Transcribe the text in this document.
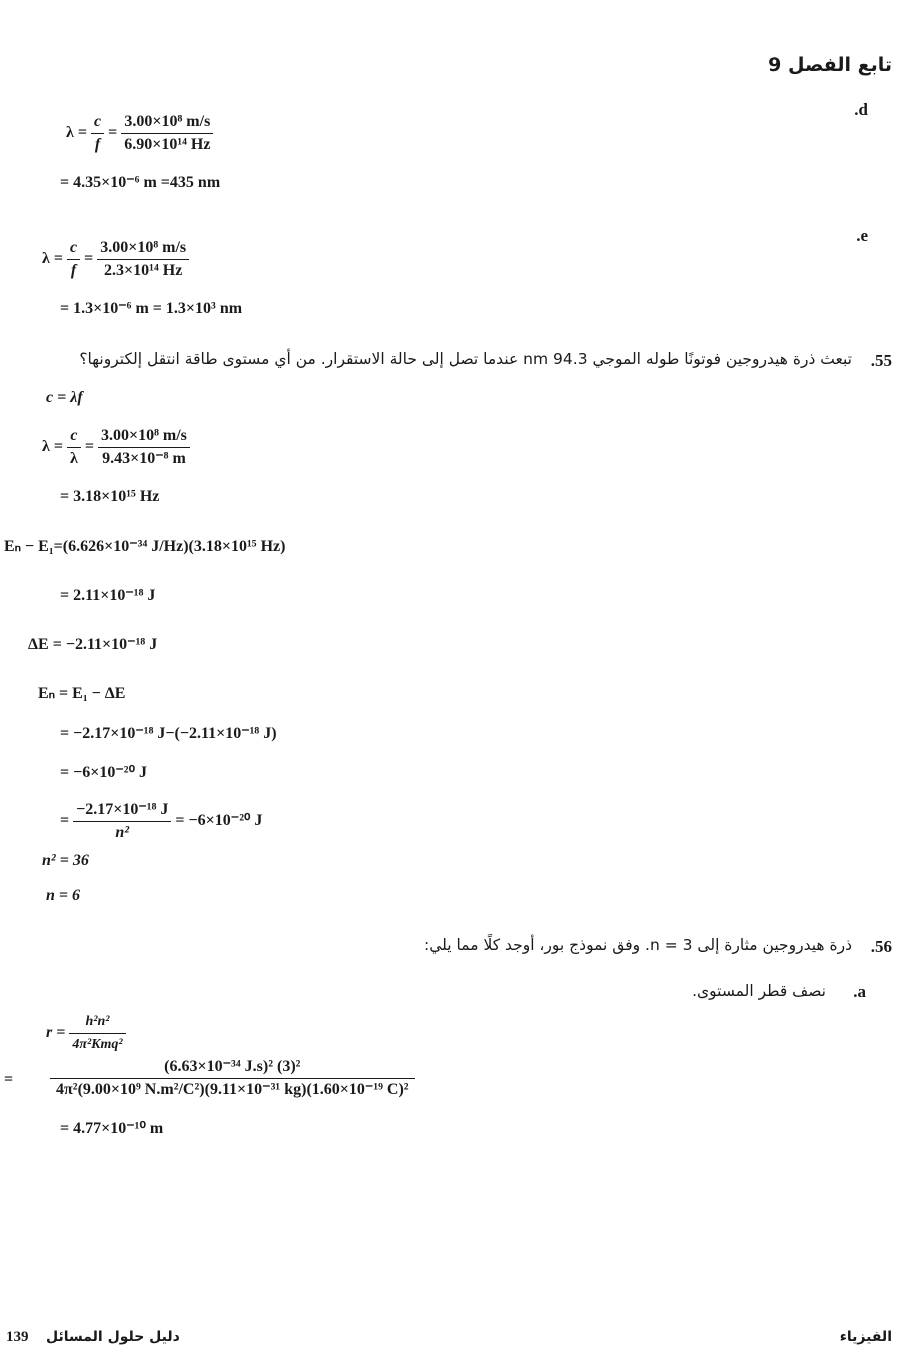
تابع الفصل 9
.d
$\lambda = \frac{c}{f} = \frac{\text{3.00×10⁸ m/s}}{\text{6.90×10¹⁴ Hz}}$
= 4.35×10⁻⁶ m =435 nm
.e
$\lambda = \frac{c}{f} = \frac{\text{3.00×10⁸ m/s}}{\text{2.3×10¹⁴ Hz}}$
= 1.3×10⁻⁶ m = 1.3×10³ nm
.55
تبعث ذرة هيدروجين فوتونًا طوله الموجي 94.3 nm عندما تصل إلى حالة الاستقرار. من أي مستوى طاقة انتقل إلكترونها؟
c = λf
$\lambda = \frac{c}{\lambda} = \frac{\text{3.00×10⁸ m/s}}{\text{9.43×10⁻⁸ m}}$
= 3.18×10¹⁵ Hz
Eₙ − E₁=(6.626×10⁻³⁴ J/Hz)(3.18×10¹⁵ Hz)
= 2.11×10⁻¹⁸ J
ΔE = −2.11×10⁻¹⁸ J
Eₙ = E₁ − ΔE
= −2.17×10⁻¹⁸ J−(−2.11×10⁻¹⁸ J)
= −6×10⁻²⁰ J
= $\frac{\text{−2.17×10⁻¹⁸ J}}{\text{n²}} = -6\times 10^{-20}$ J
n² = 36
n = 6
.56
ذرة هيدروجين مثارة إلى n = 3. وفق نموذج بور، أوجد كلًا مما يلي:
.a
نصف قطر المستوى.
$r = \frac{\text{h²n²}}{\text{4π²Kmq²}}$
= $\frac{\text{(6.63×10⁻³⁴ J.s)² (3)²}}{\text{4π²(9.00×10⁹ N.m²/C²)(9.11×10⁻³¹ kg)(1.60×10⁻¹⁹ C)²}}$
= 4.77×10⁻¹⁰ m
139 دليل حلول المسائل	الفيزياء
